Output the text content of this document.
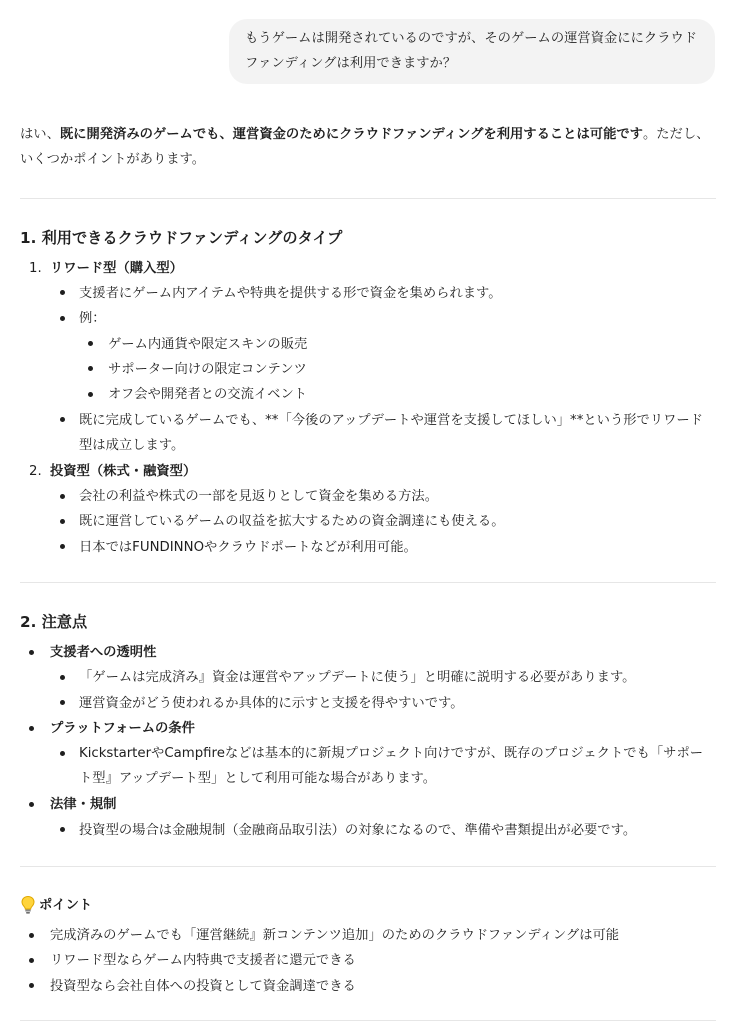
もうゲームは開発されているのですが、そのゲームの運営資金ににクラウドファンディングは利用できますか？
はい、既に開発済みのゲームでも、運営資金のためにクラウドファンディングを利用することは可能です。ただし、いくつかポイントがあります。
1. 利用できるクラウドファンディングのタイプ
1. リワード型（購入型）
支援者にゲーム内アイテムや特典を提供する形で資金を集められます。
例：
ゲーム内通貨や限定スキンの販売
サポーター向けの限定コンテンツ
オフ会や開発者との交流イベント
既に完成しているゲームでも、**「今後のアップデートや運営を支援してほしい」**という形でリワード型は成立します。
2. 投資型（株式・融資型）
会社の利益や株式の一部を見返りとして資金を集める方法。
既に運営しているゲームの収益を拡大するための資金調達にも使える。
日本ではFUNDINNOやクラウドポートなどが利用可能。
2. 注意点
支援者への透明性
「ゲームは完成済み』資金は運営やアップデートに使う」と明確に説明する必要があります。
運営資金がどう使われるか具体的に示すと支援を得やすいです。
プラットフォームの条件
KickstarterやCampfireなどは基本的に新規プロジェクト向けですが、既存のプロジェクトでも「サポート型』アップデート型」として利用可能な場合があります。
法律・規制
投資型の場合は金融規制（金融商品取引法）の対象になるので、準備や書類提出が必要です。
ポイント
完成済みのゲームでも「運営継続』新コンテンツ追加」のためのクラウドファンディングは可能
リワード型ならゲーム内特典で支援者に還元できる
投資型なら会社自体への投資として資金調達できる
